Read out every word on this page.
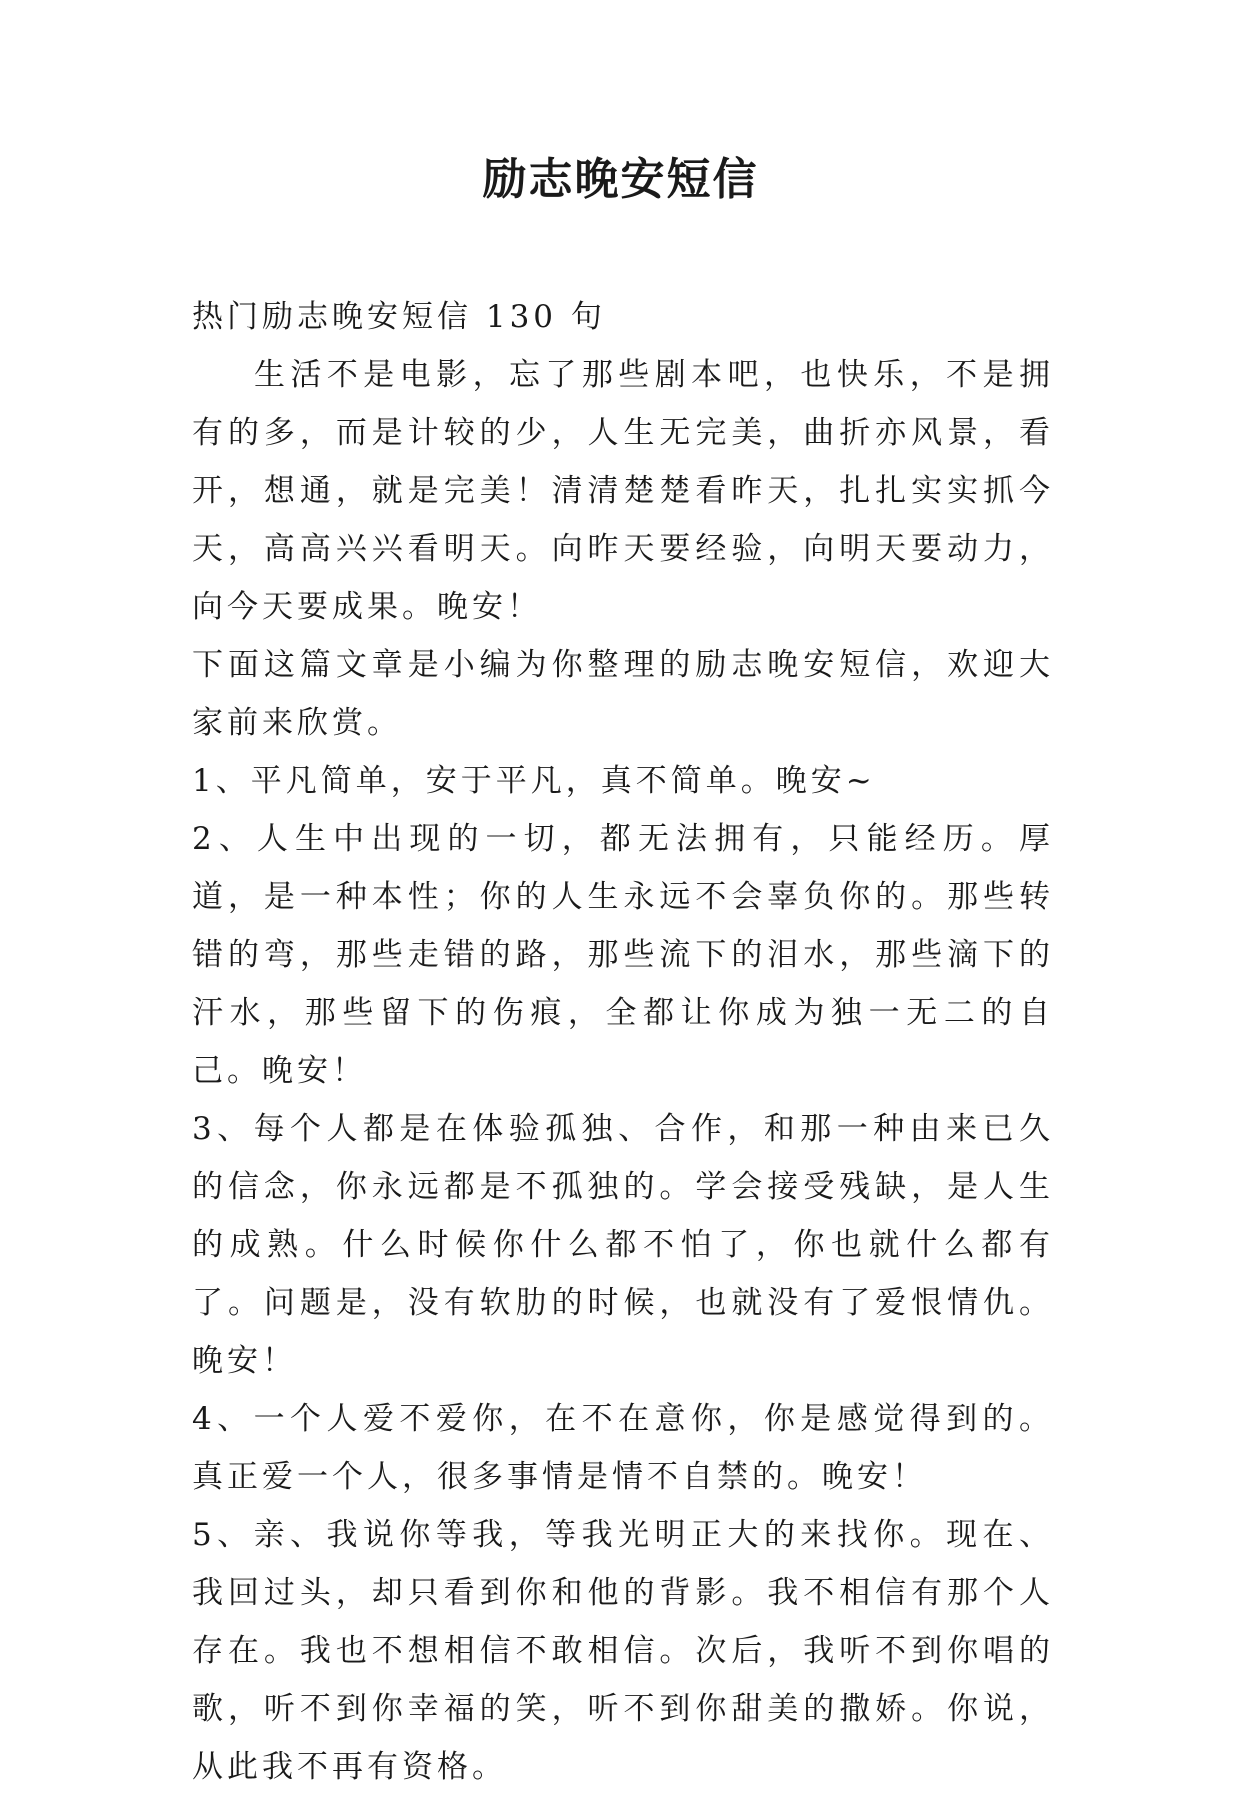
励志晚安短信

热门励志晚安短信 130 句

生活不是电影，忘了那些剧本吧，也快乐，不是拥有的多，而是计较的少，人生无完美，曲折亦风景，看开，想通，就是完美！清清楚楚看昨天，扎扎实实抓今天，高高兴兴看明天。向昨天要经验，向明天要动力，向今天要成果。晚安！

下面这篇文章是小编为你整理的励志晚安短信，欢迎大家前来欣赏。

1、平凡简单，安于平凡，真不简单。晚安~

2、人生中出现的一切，都无法拥有，只能经历。厚道，是一种本性；你的人生永远不会辜负你的。那些转错的弯，那些走错的路，那些流下的泪水，那些滴下的汗水，那些留下的伤痕，全都让你成为独一无二的自己。晚安！

3、每个人都是在体验孤独、合作，和那一种由来已久的信念，你永远都是不孤独的。学会接受残缺，是人生的成熟。什么时候你什么都不怕了，你也就什么都有了。问题是，没有软肋的时候，也就没有了爱恨情仇。晚安！

4、一个人爱不爱你，在不在意你，你是感觉得到的。真正爱一个人，很多事情是情不自禁的。晚安！

5、亲、我说你等我，等我光明正大的来找你。现在、我回过头，却只看到你和他的背影。我不相信有那个人存在。我也不想相信不敢相信。次后，我听不到你唱的歌，听不到你幸福的笑，听不到你甜美的撒娇。你说，从此我不再有资格。
